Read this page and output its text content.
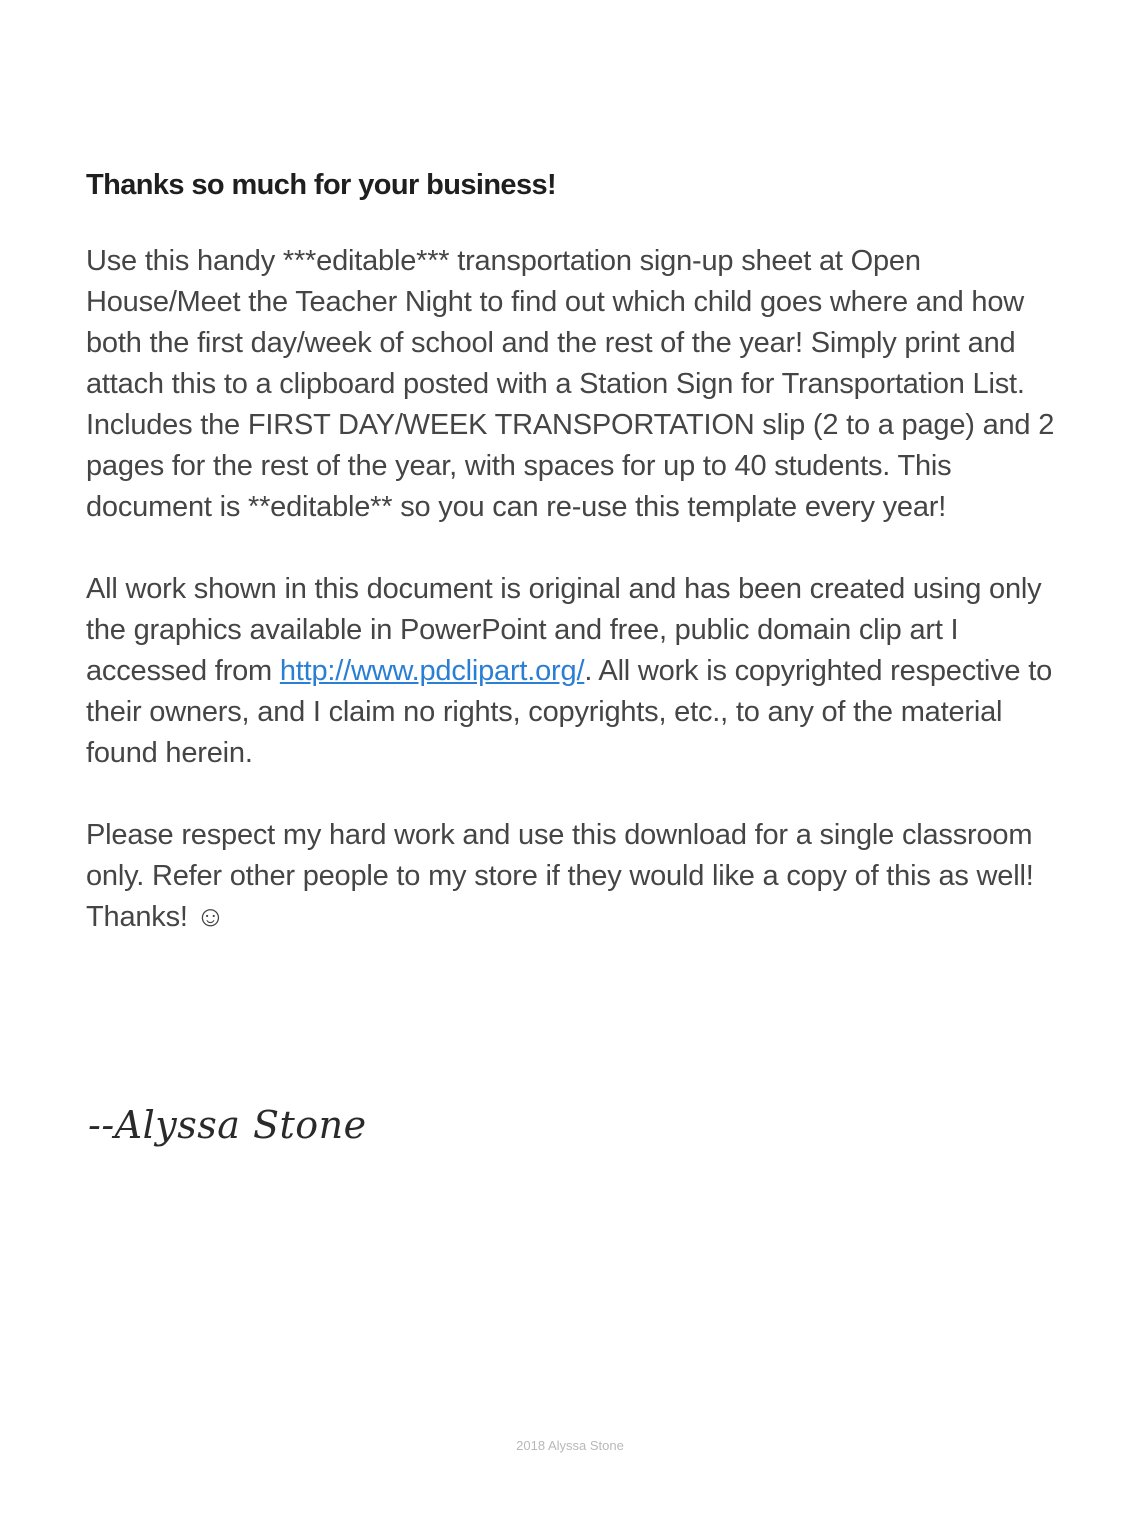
Thanks so much for your business!

Use this handy ***editable*** transportation sign-up sheet at Open House/Meet the Teacher Night to find out which child goes where and how both the first day/week of school and the rest of the year! Simply print and attach this to a clipboard posted with a Station Sign for Transportation List. Includes the FIRST DAY/WEEK TRANSPORTATION slip (2 to a page) and 2 pages for the rest of the year, with spaces for up to 40 students. This document is **editable** so you can re-use this template every year!

All work shown in this document is original and has been created using only the graphics available in PowerPoint and free, public domain clip art I accessed from http://www.pdclipart.org/. All work is copyrighted respective to their owners, and I claim no rights, copyrights, etc., to any of the material found herein.

Please respect my hard work and use this download for a single classroom only. Refer other people to my store if they would like a copy of this as well! Thanks! ☺

--Alyssa Stone
2018 Alyssa Stone
